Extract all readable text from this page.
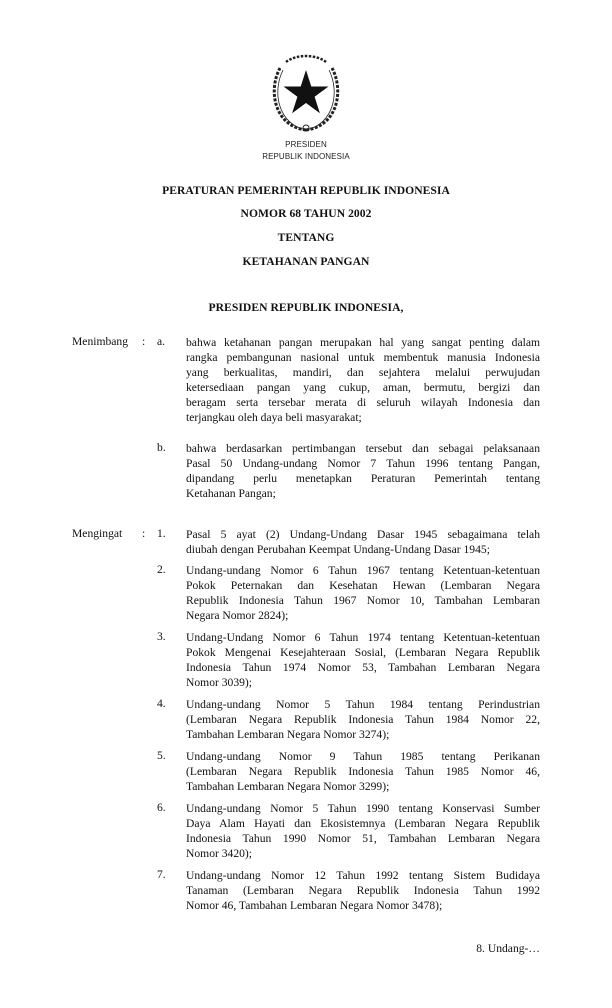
PRESIDEN
REPUBLIK INDONESIA
PERATURAN PEMERINTAH REPUBLIK INDONESIA
NOMOR 68 TAHUN 2002
TENTANG
KETAHANAN PANGAN
PRESIDEN REPUBLIK INDONESIA,
Menimbang : a. bahwa ketahanan pangan merupakan hal yang sangat penting dalam
rangka pembangunan nasional untuk membentuk manusia Indonesia
yang berkualitas, mandiri, dan sejahtera melalui perwujudan
ketersediaan pangan yang cukup, aman, bermutu, bergizi dan
beragam serta tersebar merata di seluruh wilayah Indonesia dan
terjangkau oleh daya beli masyarakat;
b. bahwa berdasarkan pertimbangan tersebut dan sebagai pelaksanaan
Pasal 50 Undang-undang Nomor 7 Tahun 1996 tentang Pangan,
dipandang perlu menetapkan Peraturan Pemerintah tentang
Ketahanan Pangan;
Mengingat : 1. Pasal 5 ayat (2) Undang-Undang Dasar 1945 sebagaimana telah
diubah dengan Perubahan Keempat Undang-Undang Dasar 1945;
2. Undang-undang Nomor 6 Tahun 1967 tentang Ketentuan-ketentuan
Pokok Peternakan dan Kesehatan Hewan (Lembaran Negara
Republik Indonesia Tahun 1967 Nomor 10, Tambahan Lembaran
Negara Nomor 2824);
3. Undang-Undang Nomor 6 Tahun 1974 tentang Ketentuan-ketentuan
Pokok Mengenai Kesejahteraan Sosial, (Lembaran Negara Republik
Indonesia Tahun 1974 Nomor 53, Tambahan Lembaran Negara
Nomor 3039);
4. Undang-undang Nomor 5 Tahun 1984 tentang Perindustrian
(Lembaran Negara Republik Indonesia Tahun 1984 Nomor 22,
Tambahan Lembaran Negara Nomor 3274);
5. Undang-undang Nomor 9 Tahun 1985 tentang Perikanan
(Lembaran Negara Republik Indonesia Tahun 1985 Nomor 46,
Tambahan Lembaran Negara Nomor 3299);
6. Undang-undang Nomor 5 Tahun 1990 tentang Konservasi Sumber
Daya Alam Hayati dan Ekosistemnya (Lembaran Negara Republik
Indonesia Tahun 1990 Nomor 51, Tambahan Lembaran Negara
Nomor 3420);
7. Undang-undang Nomor 12 Tahun 1992 tentang Sistem Budidaya
Tanaman (Lembaran Negara Republik Indonesia Tahun 1992
Nomor 46, Tambahan Lembaran Negara Nomor 3478);
8. Undang-…
